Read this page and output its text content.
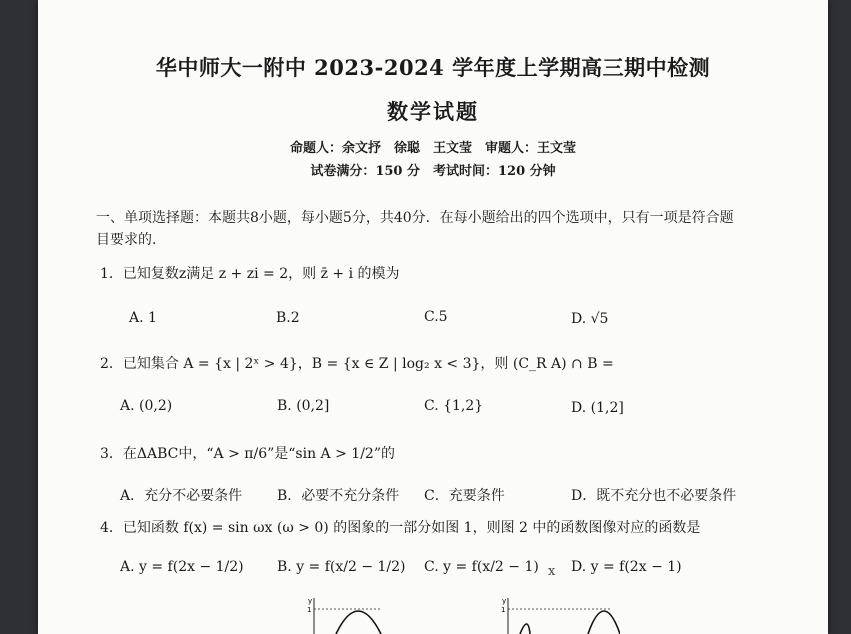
华中师大一附中 2023-2024 学年度上学期高三期中检测
数学试题
命题人：余文抒　徐聪　王文莹　审题人：王文莹
试卷满分：150 分　考试时间：120 分钟
一、单项选择题：本题共8小题，每小题5分，共40分．在每小题给出的四个选项中，只有一项是符合题
目要求的．
1．已知复数z满足 z + zi = 2，则 z̄ + i 的模为
A. 1	B.2	C.5	D. √5
2．已知集合 A = {x | 2ˣ > 4}，B = {x ∈ Z | log₂ x < 3}，则 (C_R A) ∩ B =
A. (0,2)	B. (0,2]	C. {1,2}	D. (1,2]
3．在ΔABC中，“A > π/6”是“sin A > 1/2”的
A．充分不必要条件 B．必要不充分条件 C．充要条件	D．既不充分也不必要条件
4．已知函数 f(x) = sin ωx (ω > 0) 的图象的一部分如图 1，则图 2 中的函数图像对应的函数是
A. y = f(2x − 1/2) B. y = f(x/2 − 1/2) C. y = f(x/2 − 1) x D. y = f(2x − 1)
y
1
y
1
